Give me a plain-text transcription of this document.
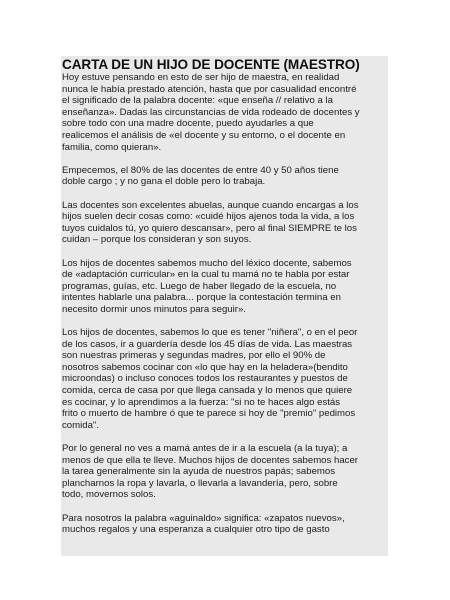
CARTA DE UN HIJO DE DOCENTE (MAESTRO)

Hoy estuve pensando en esto de ser hijo de maestra, en realidad
nunca le había prestado atención, hasta que por casualidad encontré
el significado de la palabra docente: «que enseña // relativo a la
enseñanza». Dadas las circunstancias de vida rodeado de docentes y
sobre todo con una madre docente, puedo ayudarles a que
realicemos el análisis de «el docente y su entorno, o el docente en
familia, como quieran».

Empecemos, el 80% de las docentes de entre 40 y 50 años tiene
doble cargo ; y no gana el doble pero lo trabaja.

Las docentes son excelentes abuelas, aunque cuando encargas a los
hijos suelen decir cosas como: «cuidé hijos ajenos toda la vida, a los
tuyos cuidalos tú, yo quiero descansar», pero al final SIEMPRE te los
cuidan – porque los consideran y son suyos.

Los hijos de docentes sabemos mucho del léxico docente, sabemos
de «adaptación curricular» en la cual tu mamá no te habla por estar
programas, guías, etc. Luego de haber llegado de la escuela, no
intentes hablarle una palabra... porque la contestación termina en
necesito dormir unos minutos para seguir».

Los hijos de docentes, sabemos lo que es tener "niñera", o en el peor
de los casos, ir a guardería desde los 45 días de vida. Las maestras
son nuestras primeras y segundas madres, por ello el 90% de
nosotros sabemos cocinar con «lo que hay en la heladera»(bendito
microondas) o incluso conoces todos los restaurantes y puestos de
comida, cerca de casa por que llega cansada y lo menos que quiere
es cocinar, y lo aprendimos a la fuerza: "si no te haces algo estás
frito o muerto de hambre ó que te parece si hoy de "premio" pedimos
comida".

Por lo general no ves a mamá antes de ir a la escuela (a la tuya); a
menos de que ella te lleve. Muchos hijos de docentes sabemos hacer
la tarea generalmente sin la ayuda de nuestros papás; sabemos
plancharnos la ropa y lavarla, o llevarla a lavandería, pero, sobre
todo, movernos solos.

Para nosotros la palabra «aguinaldo» significa: «zapatos nuevos»,
muchos regalos y una esperanza a cualquier otro tipo de gasto
